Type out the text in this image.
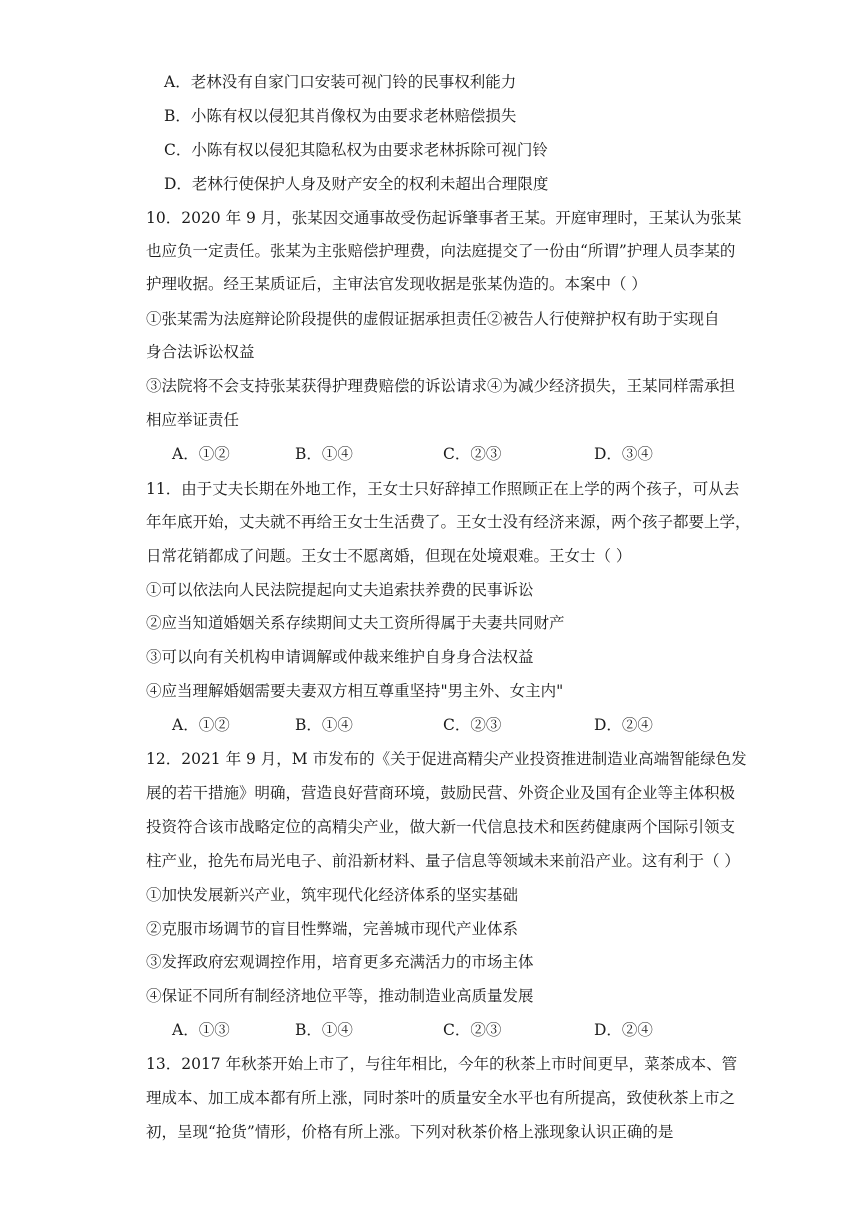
A．老林没有自家门口安装可视门铃的民事权利能力
B．小陈有权以侵犯其肖像权为由要求老林赔偿损失
C．小陈有权以侵犯其隐私权为由要求老林拆除可视门铃
D．老林行使保护人身及财产安全的权利未超出合理限度
10．2020 年 9 月，张某因交通事故受伤起诉肇事者王某。开庭审理时，王某认为张某
也应负一定责任。张某为主张赔偿护理费，向法庭提交了一份由“所谓”护理人员李某的
护理收据。经王某质证后，主审法官发现收据是张某伪造的。本案中（ ）
①张某需为法庭辩论阶段提供的虚假证据承担责任②被告人行使辩护权有助于实现自
身合法诉讼权益
③法院将不会支持张某获得护理费赔偿的诉讼请求④为减少经济损失，王某同样需承担
相应举证责任
A．①②	B．①④	C．②③	D．③④
11．由于丈夫长期在外地工作，王女士只好辞掉工作照顾正在上学的两个孩子，可从去
年年底开始，丈夫就不再给王女士生活费了。王女士没有经济来源，两个孩子都要上学，
日常花销都成了问题。王女士不愿离婚，但现在处境艰难。王女士（ ）
①可以依法向人民法院提起向丈夫追索扶养费的民事诉讼
②应当知道婚姻关系存续期间丈夫工资所得属于夫妻共同财产
③可以向有关机构申请调解或仲裁来维护自身身合法权益
④应当理解婚姻需要夫妻双方相互尊重坚持"男主外、女主内"
A．①②	B．①④	C．②③	D．②④
12．2021 年 9 月，M 市发布的《关于促进高精尖产业投资推进制造业高端智能绿色发
展的若干措施》明确，营造良好营商环境，鼓励民营、外资企业及国有企业等主体积极
投资符合该市战略定位的高精尖产业，做大新一代信息技术和医药健康两个国际引领支
柱产业，抢先布局光电子、前沿新材料、量子信息等领域未来前沿产业。这有利于（ ）
①加快发展新兴产业，筑牢现代化经济体系的坚实基础
②克服市场调节的盲目性弊端，完善城市现代产业体系
③发挥政府宏观调控作用，培育更多充满活力的市场主体
④保证不同所有制经济地位平等，推动制造业高质量发展
A．①③	B．①④	C．②③	D．②④
13．2017 年秋茶开始上市了，与往年相比，今年的秋茶上市时间更早，菜茶成本、管
理成本、加工成本都有所上涨，同时茶叶的质量安全水平也有所提高，致使秋茶上市之
初，呈现“抢货”情形，价格有所上涨。下列对秋茶价格上涨现象认识正确的是
